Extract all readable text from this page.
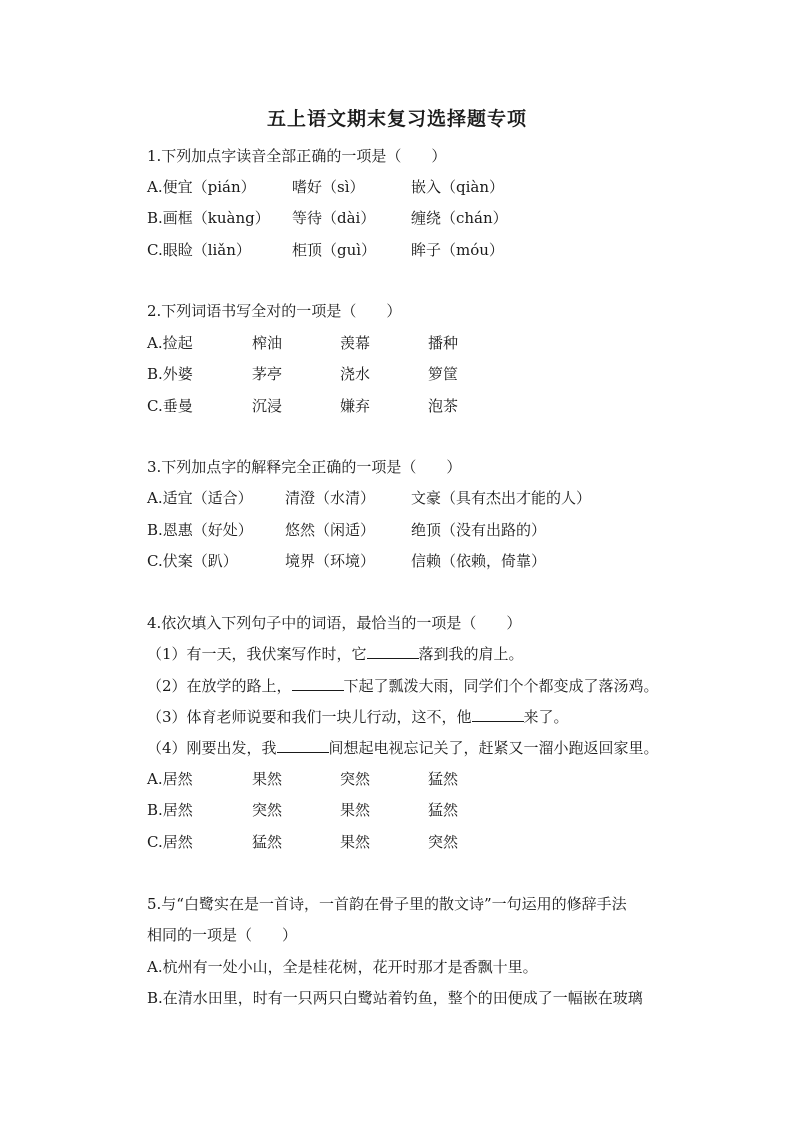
五上语文期末复习选择题专项
1.下列加点字读音全部正确的一项是（　　）
A.便宜（pián） 嗜好（sì）	嵌入（qiàn）
B.画框（kuàng） 等待（dài） 缠绕（chán）
C.眼睑（liǎn）	柜顶（guì） 眸子（móu）
2.下列词语书写全对的一项是（　　）
A.捡起	榨油	羡幕	播种
B.外婆	茅亭	浇水	箩筐
C.垂曼	沉浸	嫌弃	泡茶
3.下列加点字的解释完全正确的一项是（　　）
A.适宜（适合） 清澄（水清） 文豪（具有杰出才能的人）
B.恩惠（好处） 悠然（闲适） 绝顶（没有出路的）
C.伏案（趴）	境界（环境） 信赖（依赖，倚靠）
4.依次填入下列句子中的词语，最恰当的一项是（　　）
（1）有一天，我伏案写作时，它	落到我的肩上。
（2）在放学的路上，	下起了瓢泼大雨，同学们个个都变成了落汤鸡。
（3）体育老师说要和我们一块儿行动，这不，他	来了。
（4）刚要出发，我	间想起电视忘记关了，赶紧又一溜小跑返回家里。
A.居然	果然	突然	猛然
B.居然	突然	果然	猛然
C.居然	猛然	果然	突然
5.与“白鹭实在是一首诗，一首韵在骨子里的散文诗”一句运用的修辞手法
相同的一项是（　　）
A.杭州有一处小山，全是桂花树，花开时那才是香飘十里。
B.在清水田里，时有一只两只白鹭站着钓鱼，整个的田便成了一幅嵌在玻璃
